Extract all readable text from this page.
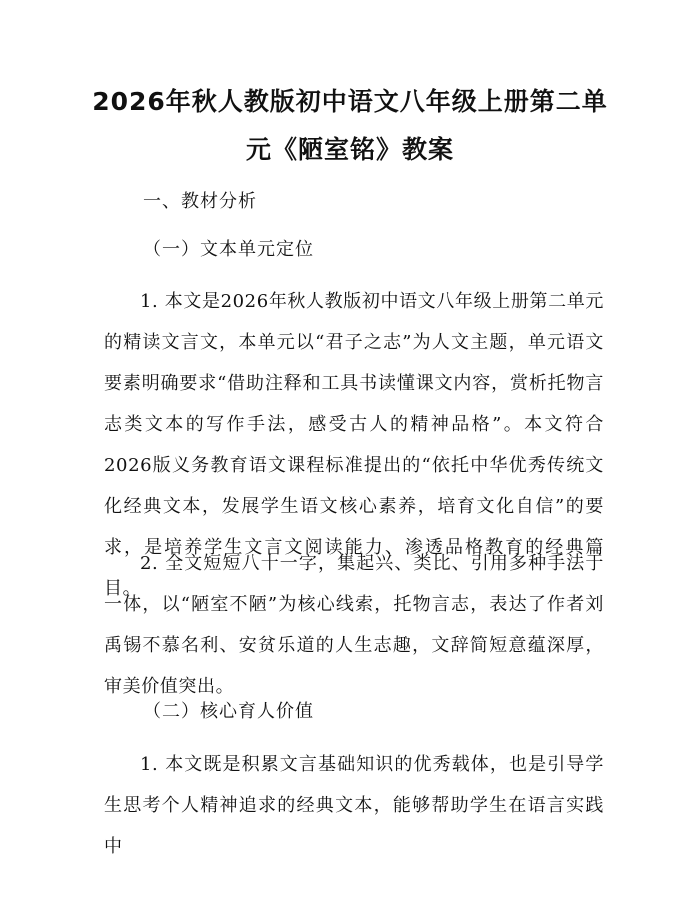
2026年秋人教版初中语文八年级上册第二单
元《陋室铭》教案
一、教材分析
（一）文本单元定位
1. 本文是2026年秋人教版初中语文八年级上册第二单元的精读文言文，本单元以“君子之志”为人文主题，单元语文要素明确要求“借助注释和工具书读懂课文内容，赏析托物言志类文本的写作手法，感受古人的精神品格”。本文符合2026版义务教育语文课程标准提出的“依托中华优秀传统文化经典文本，发展学生语文核心素养，培育文化自信”的要求，是培养学生文言文阅读能力、渗透品格教育的经典篇目。
2. 全文短短八十一字，集起兴、类比、引用多种手法于一体，以“陋室不陋”为核心线索，托物言志，表达了作者刘禹锡不慕名利、安贫乐道的人生志趣，文辞简短意蕴深厚，审美价值突出。
（二）核心育人价值
1. 本文既是积累文言基础知识的优秀载体，也是引导学生思考个人精神追求的经典文本，能够帮助学生在语言实践中
